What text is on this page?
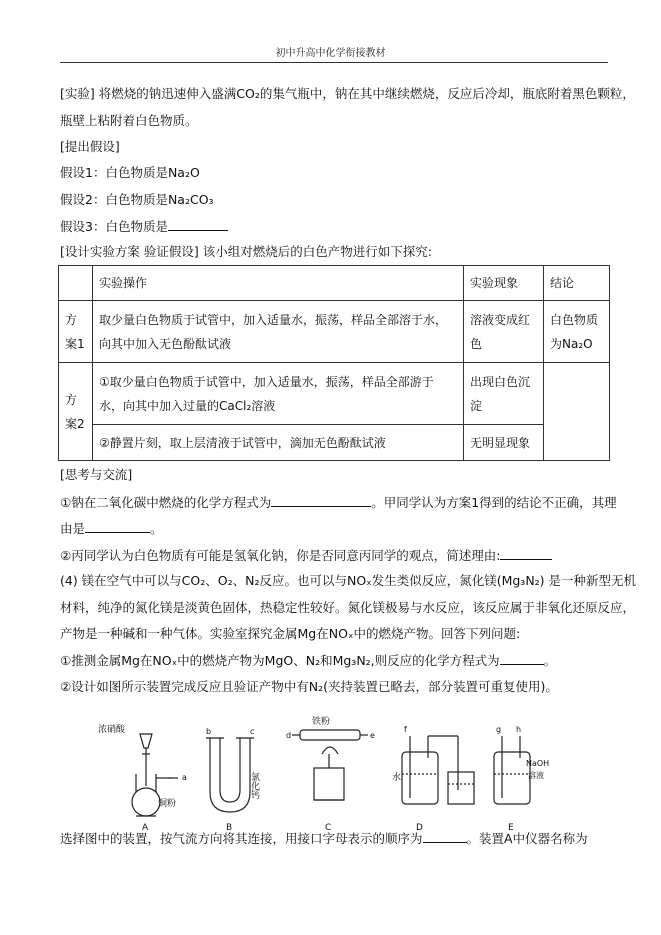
初中升高中化学衔接教材
[实验] 将燃烧的钠迅速伸入盛满CO₂的集气瓶中，钠在其中继续燃烧，反应后冷却，瓶底附着黑色颗粒，
瓶壁上粘附着白色物质。
[提出假设]
假设1：白色物质是Na₂O
假设2：白色物质是Na₂CO₃
假设3：白色物质是
[设计实验方案 验证假设] 该小组对燃烧后的白色产物进行如下探究:
	实验操作	实验现象	结论
方案1	取少量白色物质于试管中，加入适量水，振荡，样品全部溶于水，向其中加入无色酚酞试液	溶液变成红色	白色物质为Na₂O
方案2	①取少量白色物质于试管中，加入适量水，振荡，样品全部游于水，向其中加入过量的CaCl₂溶液	出现白色沉淀	
	②静置片刻，取上层清液于试管中，滴加无色酚酞试液	无明显现象	
[思考与交流]
①钠在二氧化碳中燃烧的化学方程式为	。甲同学认为方案1得到的结论不正确，其理
由是	。
②丙同学认为白色物质有可能是氢氧化钠，你是否同意丙同学的观点，简述理由:
(4) 镁在空气中可以与CO₂、O₂、N₂反应。也可以与NOₓ发生类似反应，氮化镁(Mg₃N₂) 是一种新型无机
材料，纯净的氮化镁是淡黄色固体，热稳定性较好。氮化镁极易与水反应，该反应属于非氧化还原反应，
产物是一种碱和一种气体。实验室探究金属Mg在NOₓ中的燃烧产物。回答下列问题:
①推测金属Mg在NOₓ中的燃烧产物为MgO、N₂和Mg₃N₂,则反应的化学方程式为	。
②设计如图所示装置完成反应且验证产物中有N₂(夹持装置已略去，部分装置可重复使用)。
浓硝酸
铜粉
氯化钙
铁粉
水
NaOH
溶液
a
b	c	d	e
f	g h
A	B	C	D	E
选择图中的装置，按气流方向将其连接，用接口字母表示的顺序为	。装置A中仪器名称为
